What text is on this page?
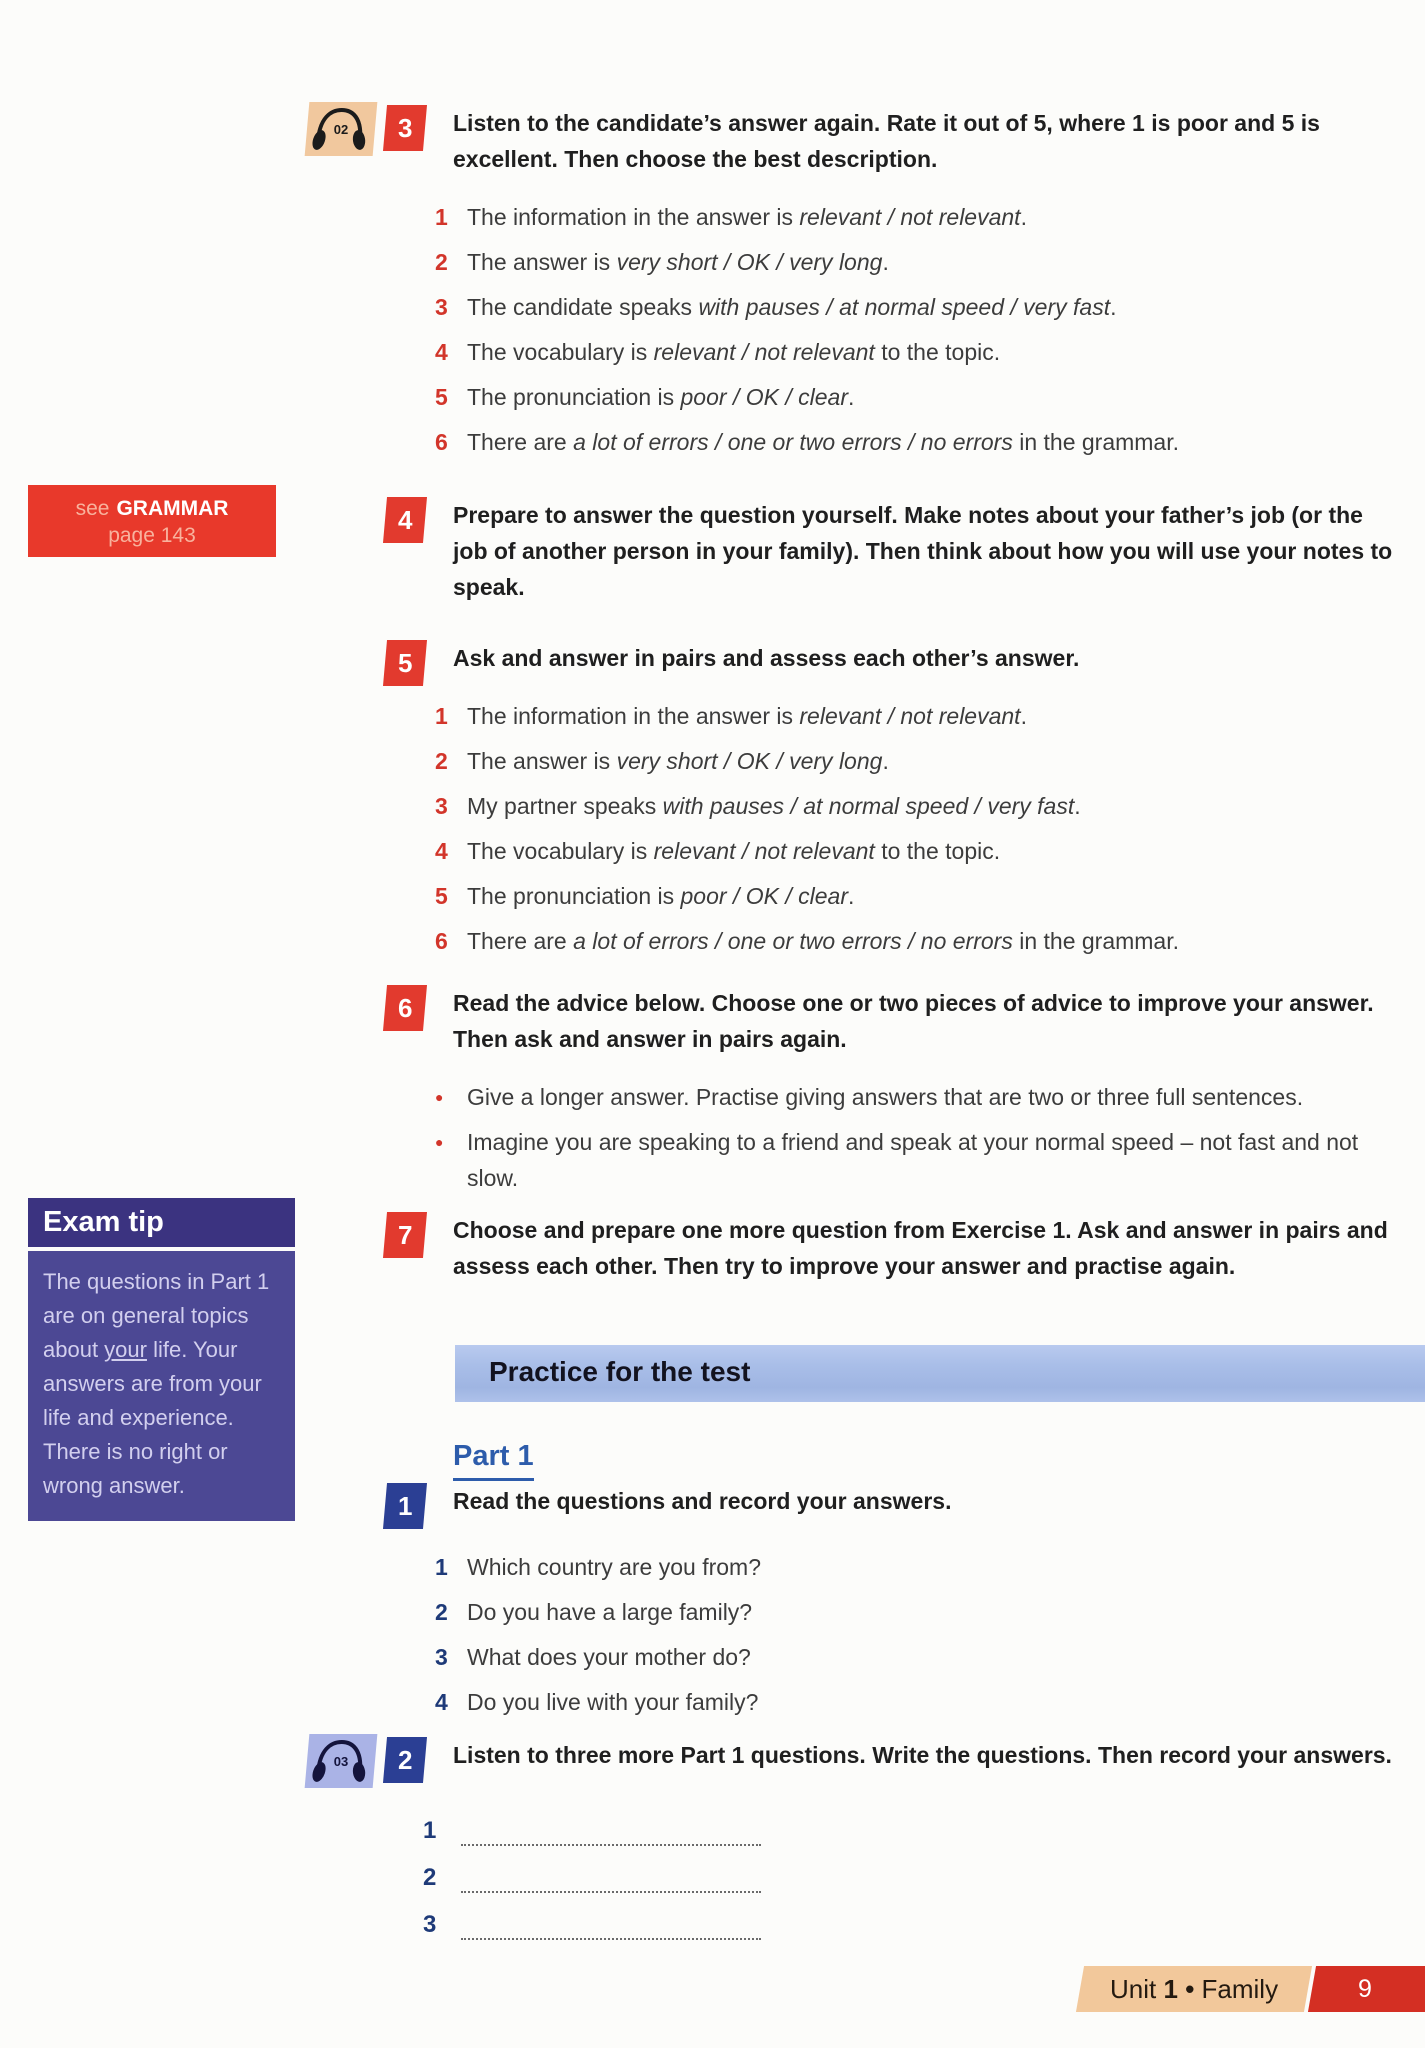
see GRAMMAR
page 143
Exam tip
The questions in Part 1 are on general topics about your life. Your answers are from your life and experience. There is no right or wrong answer.
02	3	Listen to the candidate’s answer again. Rate it out of 5, where 1 is poor and 5 is excellent. Then choose the best description.
1 The information in the answer is relevant / not relevant.
2 The answer is very short / OK / very long.
3 The candidate speaks with pauses / at normal speed / very fast.
4 The vocabulary is relevant / not relevant to the topic.
5 The pronunciation is poor / OK / clear.
6 There are a lot of errors / one or two errors / no errors in the grammar.
4	Prepare to answer the question yourself. Make notes about your father’s job (or the job of another person in your family). Then think about how you will use your notes to speak.
5	Ask and answer in pairs and assess each other’s answer.
1 The information in the answer is relevant / not relevant.
2 The answer is very short / OK / very long.
3 My partner speaks with pauses / at normal speed / very fast.
4 The vocabulary is relevant / not relevant to the topic.
5 The pronunciation is poor / OK / clear.
6 There are a lot of errors / one or two errors / no errors in the grammar.
6	Read the advice below. Choose one or two pieces of advice to improve your answer. Then ask and answer in pairs again.
●	Give a longer answer. Practise giving answers that are two or three full sentences.
●	Imagine you are speaking to a friend and speak at your normal speed – not fast and not slow.
7	Choose and prepare one more question from Exercise 1. Ask and answer in pairs and assess each other. Then try to improve your answer and practise again.
Practice for the test
Part 1
1	Read the questions and record your answers.
1 Which country are you from?
2 Do you have a large family?
3 What does your mother do?
4 Do you live with your family?
03	2	Listen to three more Part 1 questions. Write the questions. Then record your answers.
1
2
3
Unit 1 • Family	9
